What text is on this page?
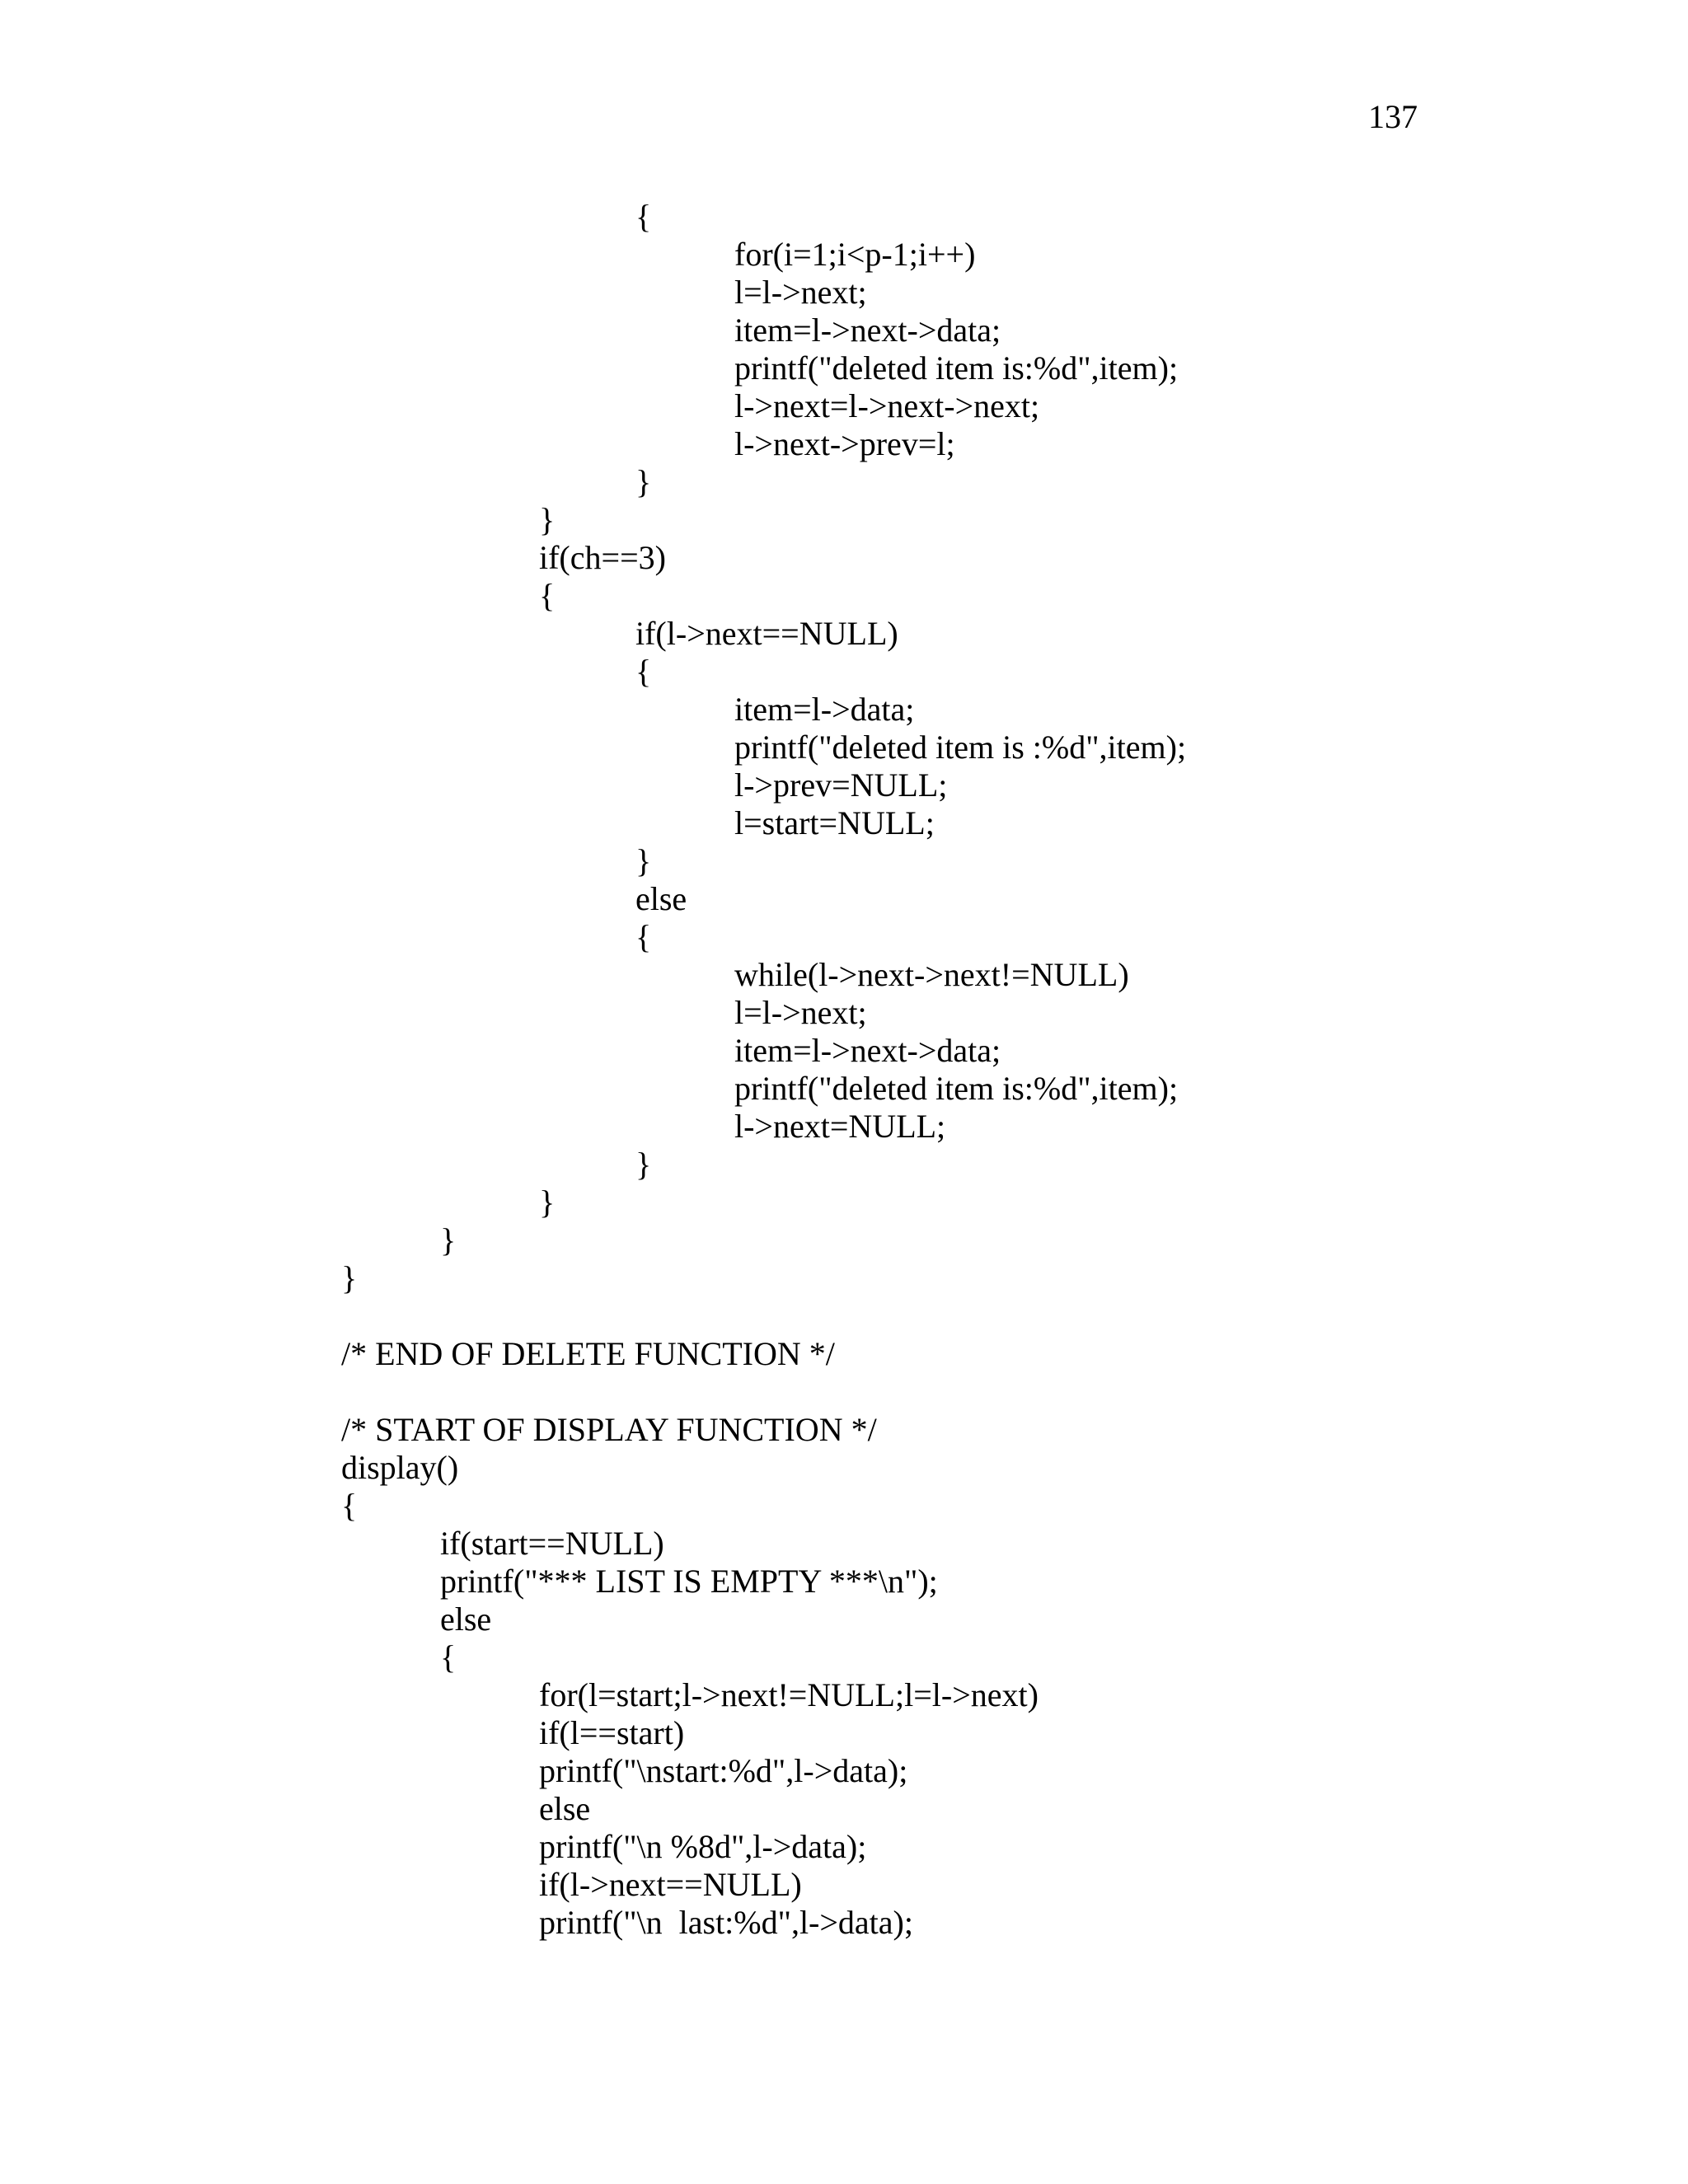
137
{
for(i=1;i<p-1;i++)
l=l->next;
item=l->next->data;
printf("deleted item is:%d",item);
l->next=l->next->next;
l->next->prev=l;
}
}
if(ch==3)
{
if(l->next==NULL)
{
item=l->data;
printf("deleted item is :%d",item);
l->prev=NULL;
l=start=NULL;
}
else
{
while(l->next->next!=NULL)
l=l->next;
item=l->next->data;
printf("deleted item is:%d",item);
l->next=NULL;
}
}
}
}
/* END OF DELETE FUNCTION */
/* START OF DISPLAY FUNCTION */
display()
{
if(start==NULL)
printf("*** LIST IS EMPTY ***\n");
else
{
for(l=start;l->next!=NULL;l=l->next)
if(l==start)
printf("\nstart:%d",l->data);
else
printf("\n %8d",l->data);
if(l->next==NULL)
printf("\n  last:%d",l->data);
